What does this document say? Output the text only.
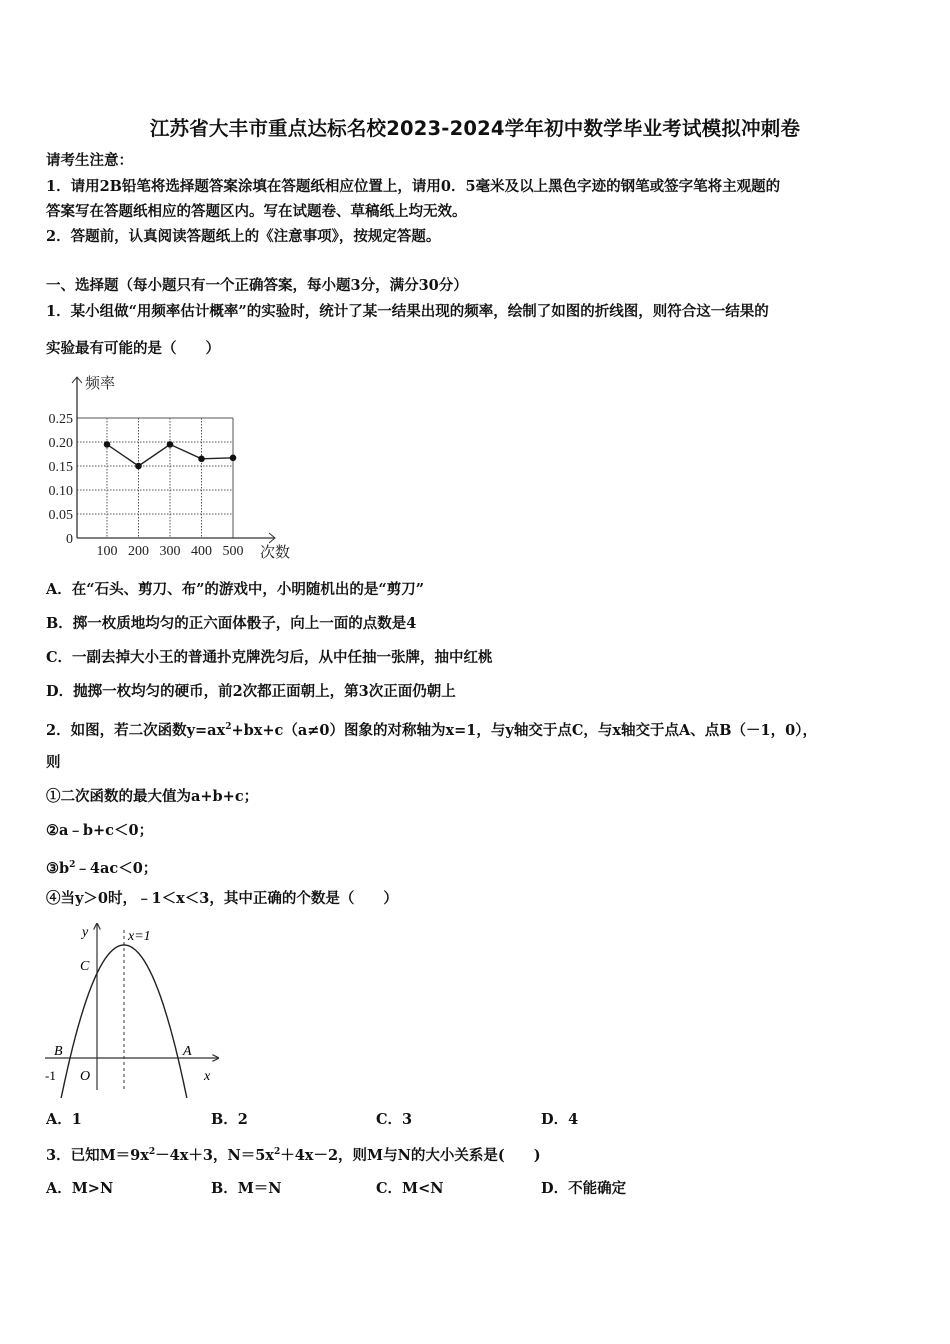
江苏省大丰市重点达标名校2023-2024学年初中数学毕业考试模拟冲刺卷
请考生注意：
1．请用2B铅笔将选择题答案涂填在答题纸相应位置上，请用0．5毫米及以上黑色字迹的钢笔或签字笔将主观题的
答案写在答题纸相应的答题区内。写在试题卷、草稿纸上均无效。
2．答题前，认真阅读答题纸上的《注意事项》，按规定答题。
一、选择题（每小题只有一个正确答案，每小题3分，满分30分）
1．某小组做“用频率估计概率”的实验时，统计了某一结果出现的频率，绘制了如图的折线图，则符合这一结果的
实验最有可能的是（　　）
0
0.05
0.10
0.15
0.20
0.25
100 200 300 400 500
频率
次数
A．在“石头、剪刀、布”的游戏中，小明随机出的是“剪刀”
B．掷一枚质地均匀的正六面体骰子，向上一面的点数是4
C．一副去掉大小王的普通扑克牌洗匀后，从中任抽一张牌，抽中红桃
D．抛掷一枚均匀的硬币，前2次都正面朝上，第3次正面仍朝上
2．如图，若二次函数$y=ax^2+bx+c(a\ne 0)$图象的对称轴为x=1，与y轴交于点C，与x轴交于点A、点B（－1，0），
则
①二次函数的最大值为a+b+c；
②a﹣b+c＜0；
$③b^2﹣4ac<0$；
④当y＞0时，﹣1＜x＜3，其中正确的个数是（　　）
y	x=1
C
B	A
O
-1	x
A．1	B．2	C．3	D．4
3．已知$M=9x^2-4x+3$，$N=5x^2+4x-2$，则M与N的大小关系是(　　)
A．M>N	B．M＝N	C．M<N	D．不能确定
